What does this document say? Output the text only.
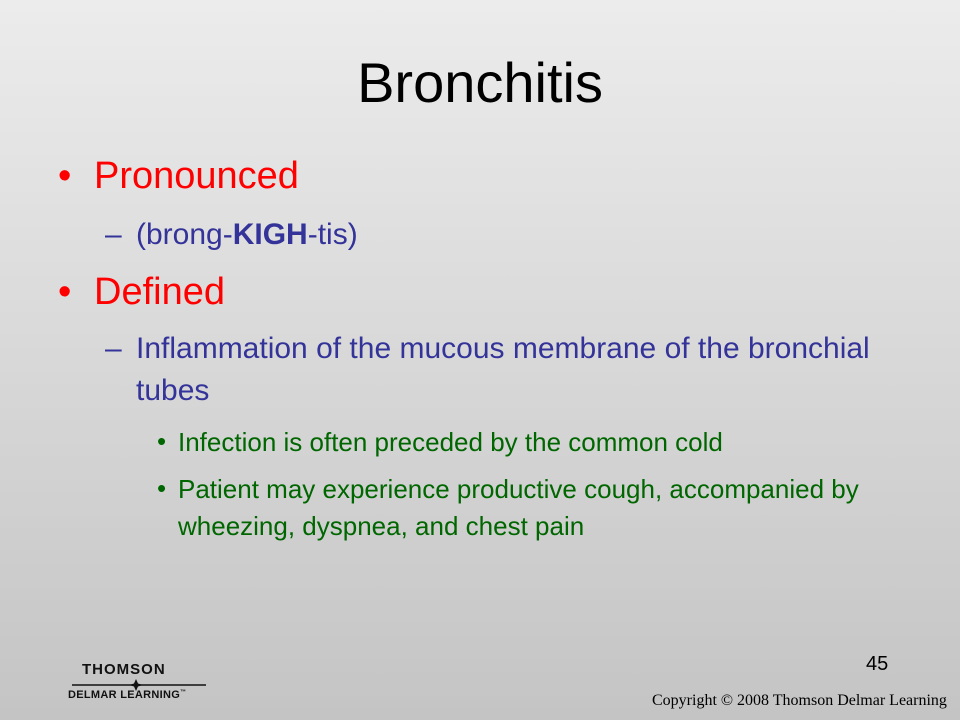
Bronchitis
• Pronounced
– (brong-KIGH-tis)
• Defined
– Inflammation of the mucous membrane of the bronchial tubes
• Infection is often preceded by the common cold
• Patient may experience productive cough, accompanied by wheezing, dyspnea, and chest pain
45
THOMSON
DELMAR LEARNING™	Copyright © 2008 Thomson Delmar Learning
